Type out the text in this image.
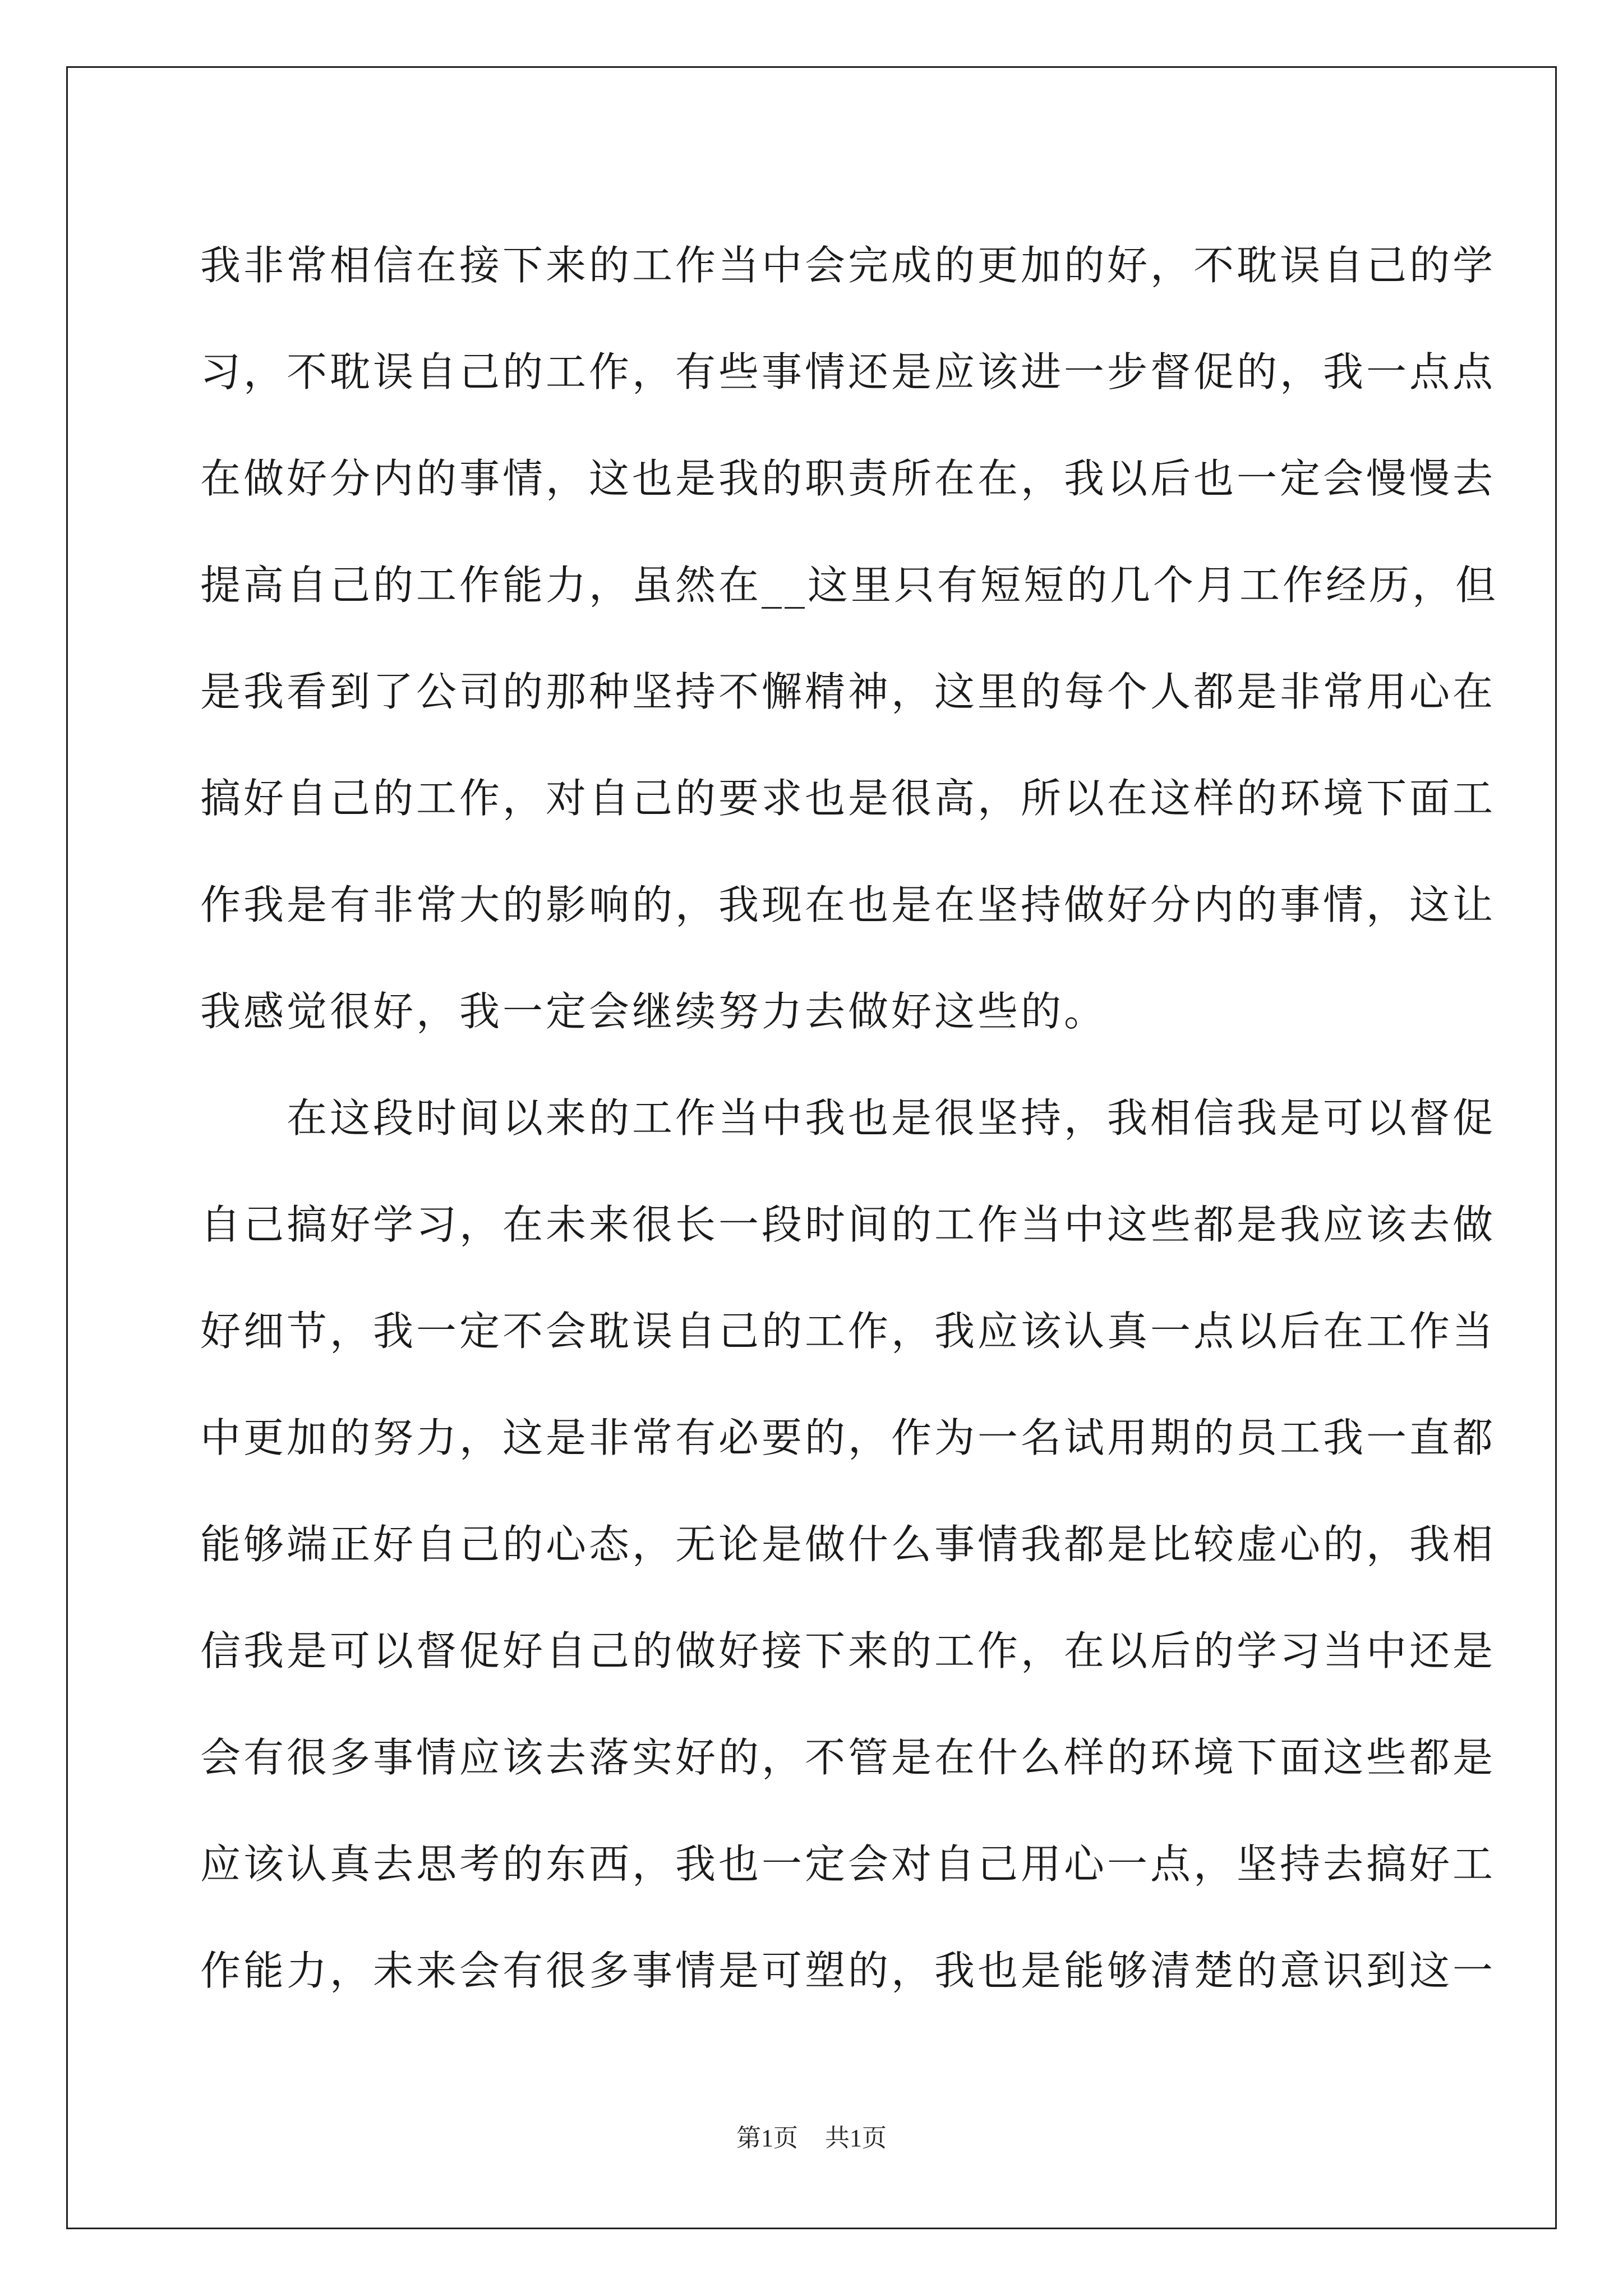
我非常相信在接下来的工作当中会完成的更加的好，不耽误自己的学
习，不耽误自己的工作，有些事情还是应该进一步督促的，我一点点
在做好分内的事情，这也是我的职责所在在，我以后也一定会慢慢去
提高自己的工作能力，虽然在__这里只有短短的几个月工作经历，但
是我看到了公司的那种坚持不懈精神，这里的每个人都是非常用心在
搞好自己的工作，对自己的要求也是很高，所以在这样的环境下面工
作我是有非常大的影响的，我现在也是在坚持做好分内的事情，这让
我感觉很好，我一定会继续努力去做好这些的。
　　在这段时间以来的工作当中我也是很坚持，我相信我是可以督促
自己搞好学习，在未来很长一段时间的工作当中这些都是我应该去做
好细节，我一定不会耽误自己的工作，我应该认真一点以后在工作当
中更加的努力，这是非常有必要的，作为一名试用期的员工我一直都
能够端正好自己的心态，无论是做什么事情我都是比较虚心的，我相
信我是可以督促好自己的做好接下来的工作，在以后的学习当中还是
会有很多事情应该去落实好的，不管是在什么样的环境下面这些都是
应该认真去思考的东西，我也一定会对自己用心一点，坚持去搞好工
作能力，未来会有很多事情是可塑的，我也是能够清楚的意识到这一
第1页 共1页
